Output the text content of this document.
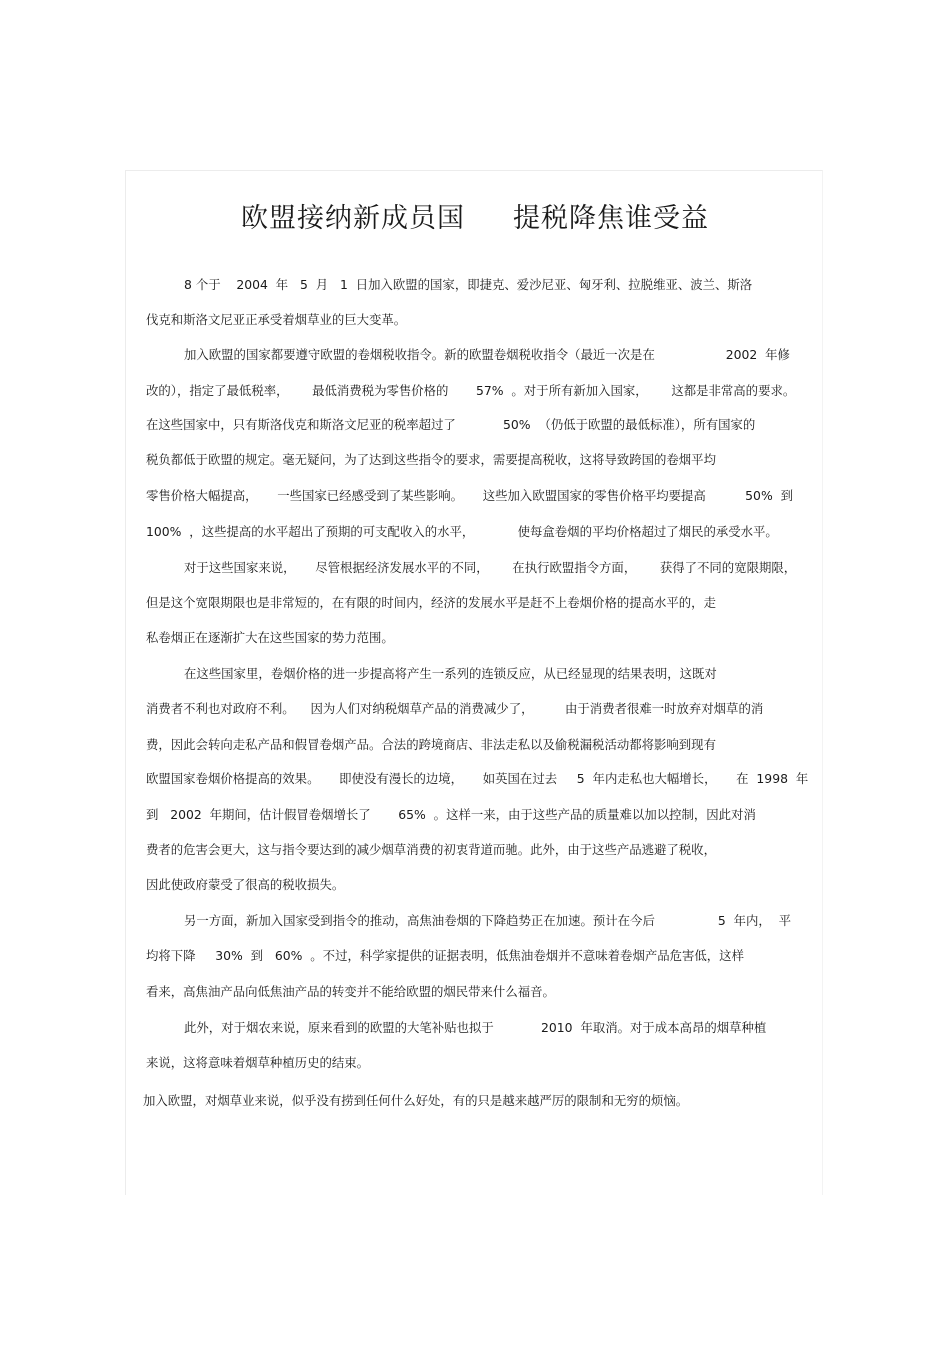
欧盟接纳新成员国     提税降焦谁受益

8 个于    2004  年   5  月   1  日加入欧盟的国家，即捷克、爱沙尼亚、匈牙利、拉脱维亚、波兰、斯洛

伐克和斯洛文尼亚正承受着烟草业的巨大变革。

加入欧盟的国家都要遵守欧盟的卷烟税收指令。新的欧盟卷烟税收指令（最近一次是在                  2002  年修

改的），指定了最低税率，      最低消费税为零售价格的       57%  。对于所有新加入国家，      这都是非常高的要求。

在这些国家中，只有斯洛伐克和斯洛文尼亚的税率超过了            50%  （仍低于欧盟的最低标准），所有国家的

税负都低于欧盟的规定。毫无疑问，为了达到这些指令的要求，需要提高税收，这将导致跨国的卷烟平均

零售价格大幅提高，     一些国家已经感受到了某些影响。     这些加入欧盟国家的零售价格平均要提高          50%  到

100%  ，这些提高的水平超出了预期的可支配收入的水平，           使每盒卷烟的平均价格超过了烟民的承受水平。

对于这些国家来说，     尽管根据经济发展水平的不同，      在执行欧盟指令方面，      获得了不同的宽限期限，

但是这个宽限期限也是非常短的，在有限的时间内，经济的发展水平是赶不上卷烟价格的提高水平的，走

私卷烟正在逐渐扩大在这些国家的势力范围。

在这些国家里，卷烟价格的进一步提高将产生一系列的连锁反应，从已经显现的结果表明，这既对

消费者不利也对政府不利。    因为人们对纳税烟草产品的消费减少了，        由于消费者很难一时放弃对烟草的消

费，因此会转向走私产品和假冒卷烟产品。合法的跨境商店、非法走私以及偷税漏税活动都将影响到现有

欧盟国家卷烟价格提高的效果。     即使没有漫长的边境，     如英国在过去     5  年内走私也大幅增长，     在  1998  年

到   2002  年期间，估计假冒卷烟增长了       65%  。这样一来，由于这些产品的质量难以加以控制，因此对消

费者的危害会更大，这与指令要达到的减少烟草消费的初衷背道而驰。此外，由于这些产品逃避了税收，

因此使政府蒙受了很高的税收损失。

另一方面，新加入国家受到指令的推动，高焦油卷烟的下降趋势正在加速。预计在今后                5  年内，  平

均将下降     30%  到   60%  。不过，科学家提供的证据表明，低焦油卷烟并不意味着卷烟产品危害低，这样

看来，高焦油产品向低焦油产品的转变并不能给欧盟的烟民带来什么福音。

此外，对于烟农来说，原来看到的欧盟的大笔补贴也拟于            2010  年取消。对于成本高昂的烟草种植

来说，这将意味着烟草种植历史的结束。

加入欧盟，对烟草业来说，似乎没有捞到任何什么好处，有的只是越来越严厉的限制和无穷的烦恼。
